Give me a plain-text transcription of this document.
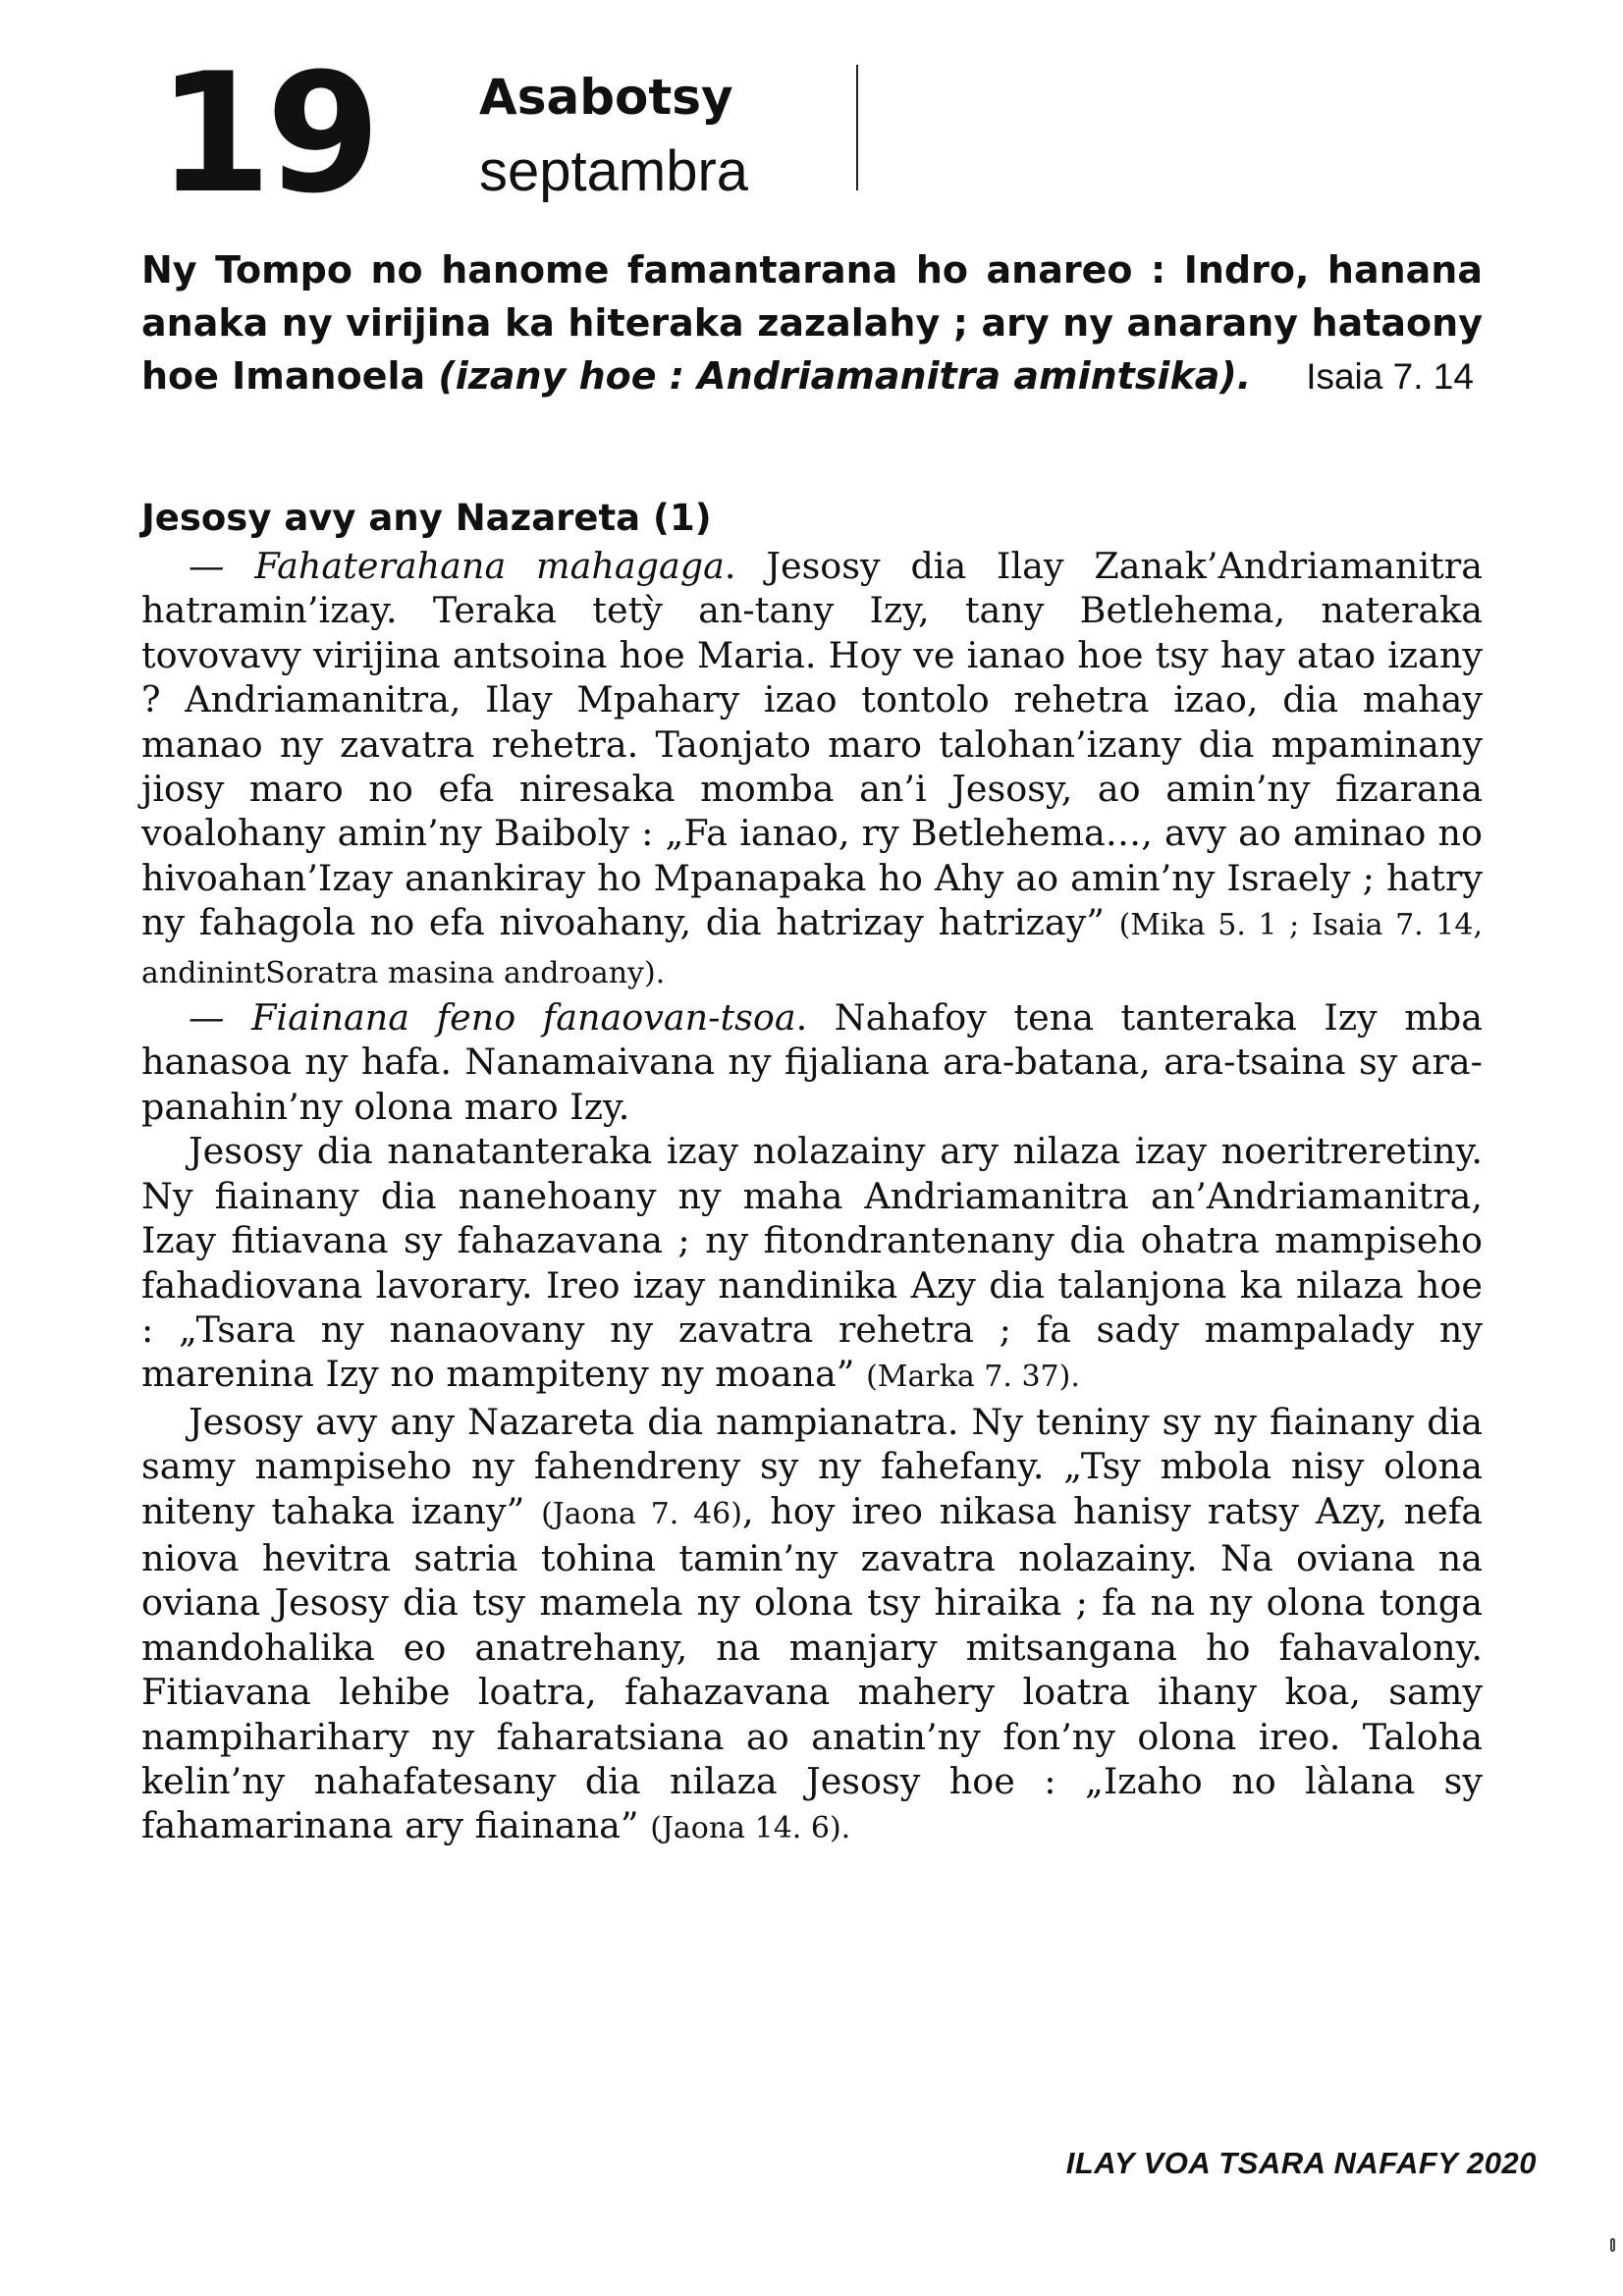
19 Asabotsy
septambra

Ny Tompo no hanome famantarana ho anareo : Indro, hanana anaka ny virijina ka hiteraka zazalahy ; ary ny anarany hataony hoe Imanoela (izany hoe : Andriamanitra amintsika). Isaia 7. 14

Jesosy avy any Nazareta (1)

— Fahaterahana mahagaga. Jesosy dia Ilay Zanak’Andriamanitra hatramin’izay. Teraka tetỳ an-tany Izy, tany Betlehema, nateraka tovovavy virijina antsoina hoe Maria. Hoy ve ianao hoe tsy hay atao izany ? Andriamanitra, Ilay Mpahary izao tontolo rehetra izao, dia mahay manao ny zavatra rehetra. Taonjato maro talohan’izany dia mpaminany jiosy maro no efa niresaka momba an’i Jesosy, ao amin’ny fizarana voalohany amin’ny Baiboly : „Fa ianao, ry Betlehema…, avy ao aminao no hivoahan’Izay anankiray ho Mpanapaka ho Ahy ao amin’ny Israely ; hatry ny fahagola no efa nivoahany, dia hatrizay hatrizay” (Mika 5. 1 ; Isaia 7. 14, andinintSoratra masina androany).

— Fiainana feno fanaovan-tsoa. Nahafoy tena tanteraka Izy mba hanasoa ny hafa. Nanamaivana ny fijaliana ara-batana, ara-tsaina sy ara-panahin’ny olona maro Izy.

Jesosy dia nanatanteraka izay nolazainy ary nilaza izay noeritreretiny. Ny fiainany dia nanehoany ny maha Andriamanitra an’Andriamanitra, Izay fitiavana sy fahazavana ; ny fitondrantenany dia ohatra mampiseho fahadiovana lavorary. Ireo izay nandinika Azy dia talanjona ka nilaza hoe : „Tsara ny nanaovany ny zavatra rehetra ; fa sady mampalady ny marenina Izy no mampiteny ny moana” (Marka 7. 37).

Jesosy avy any Nazareta dia nampianatra. Ny teniny sy ny fiainany dia samy nampiseho ny fahendreny sy ny fahefany. „Tsy mbola nisy olona niteny tahaka izany” (Jaona 7. 46), hoy ireo nikasa hanisy ratsy Azy, nefa niova hevitra satria tohina tamin’ny zavatra nolazainy. Na oviana na oviana Jesosy dia tsy mamela ny olona tsy hiraika ; fa na ny olona tonga mandohalika eo anatrehany, na manjary mitsangana ho fahavalony. Fitiavana lehibe loatra, fahazavana mahery loatra ihany koa, samy nampiharihary ny faharatsiana ao anatin’ny fon’ny olona ireo. Taloha kelin’ny nahafatesany dia nilaza Jesosy hoe : „Izaho no làlana sy fahamarinana ary fiainana” (Jaona 14. 6).

ILAY VOA TSARA NAFAFY 2020
